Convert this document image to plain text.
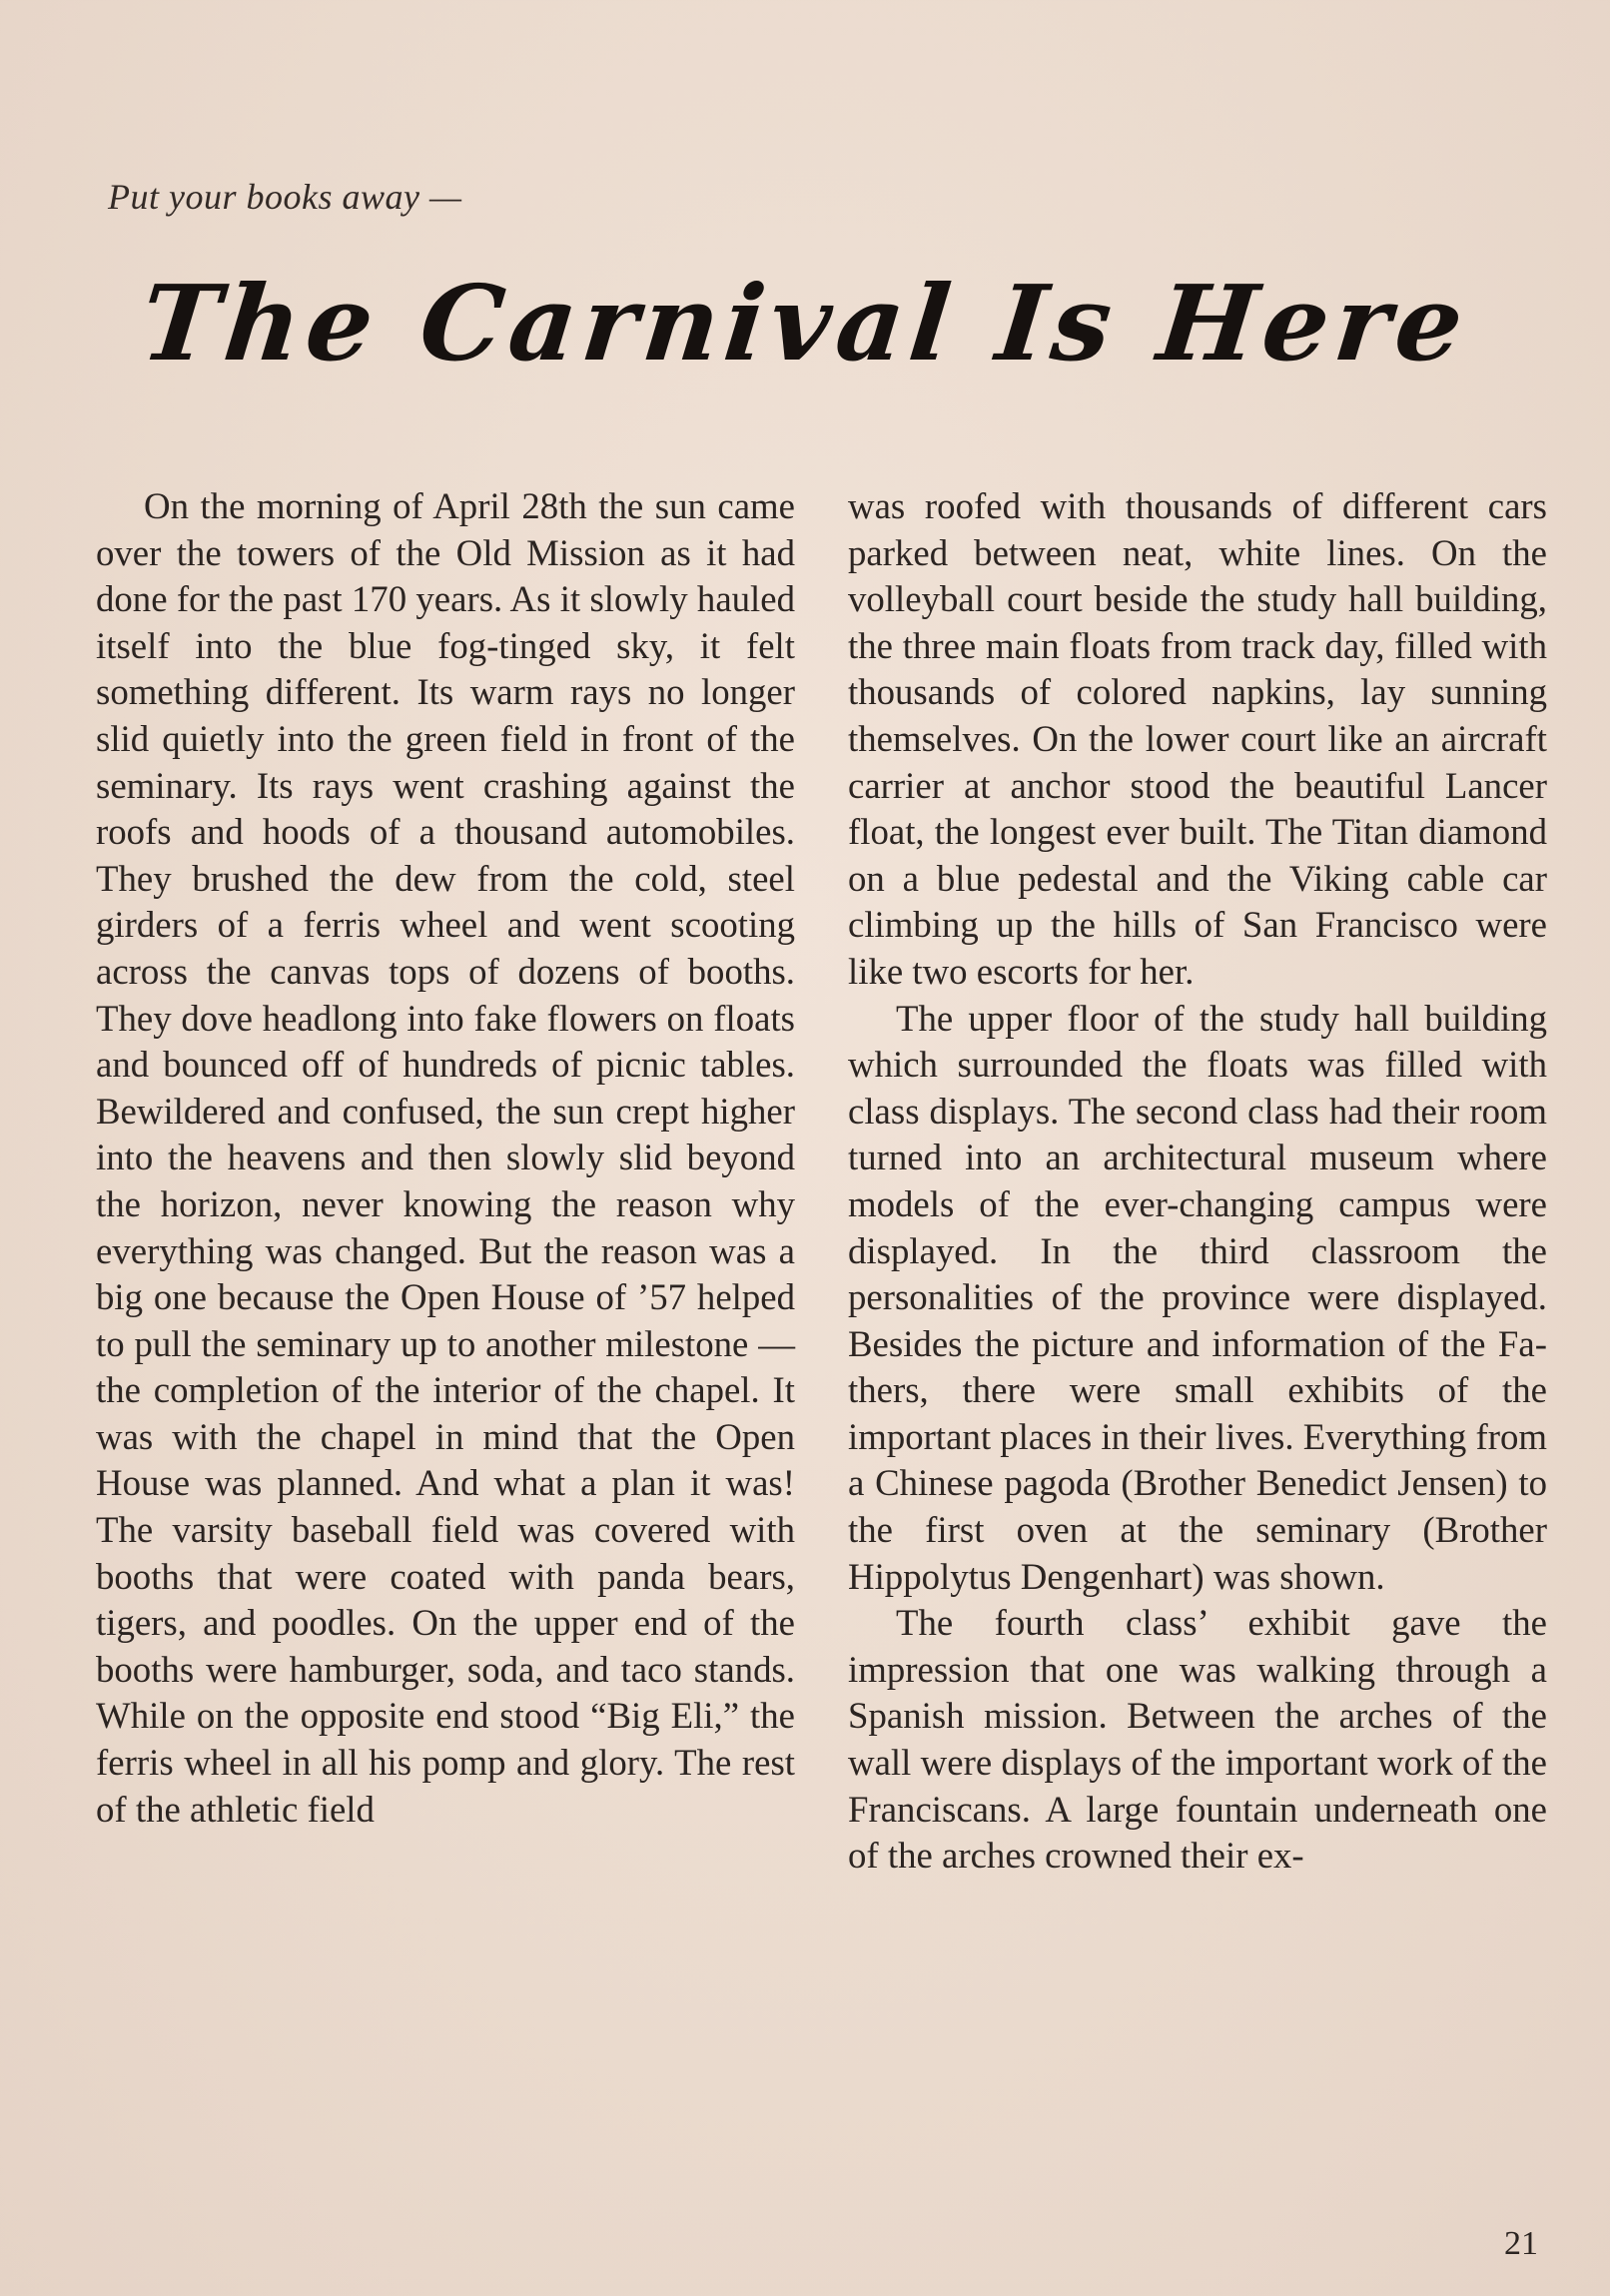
Put your books away —

The Carnival Is Here

On the morning of April 28th the sun came over the towers of the Old Mission as it had done for the past 170 years. As it slowly hauled itself into the blue fog-tinged sky, it felt something different. Its warm rays no longer slid quietly into the green field in front of the seminary. Its rays went crashing against the roofs and hoods of a thousand automobiles. They brushed the dew from the cold, steel girders of a ferris wheel and went scooting across the canvas tops of dozens of booths. They dove headlong into fake flowers on floats and bounced off of hundreds of picnic tables. Bewildered and confused, the sun crept higher into the heavens and then slowly slid beyond the horizon, never knowing the reason why everything was changed. But the reason was a big one because the Open House of ’57 helped to pull the seminary up to another milestone — the completion of the interior of the chapel. It was with the chapel in mind that the Open House was planned. And what a plan it was! The varsity baseball field was covered with booths that were coated with panda bears, tigers, and poodles. On the upper end of the booths were hamburger, soda, and taco stands. While on the opposite end stood “Big Eli,” the ferris wheel in all his pomp and glory. The rest of the athletic field

was roofed with thousands of different cars parked between neat, white lines. On the volleyball court beside the study hall building, the three main floats from track day, filled with thousands of colored napkins, lay sunning themselves. On the lower court like an aircraft carrier at anchor stood the beautiful Lancer float, the longest ever built. The Titan diamond on a blue pedestal and the Viking cable car climbing up the hills of San Francisco were like two escorts for her.

The upper floor of the study hall building which surrounded the floats was filled with class displays. The second class had their room turned into an architectural museum where models of the ever-changing campus were displayed. In the third classroom the personalities of the province were displayed. Besides the picture and information of the Fathers, there were small exhibits of the important places in their lives. Everything from a Chinese pagoda (Brother Benedict Jensen) to the first oven at the seminary (Brother Hippolytus Dengenhart) was shown.

The fourth class’ exhibit gave the impression that one was walking through a Spanish mission. Between the arches of the wall were displays of the important work of the Franciscans. A large fountain underneath one of the arches crowned their ex-

21
